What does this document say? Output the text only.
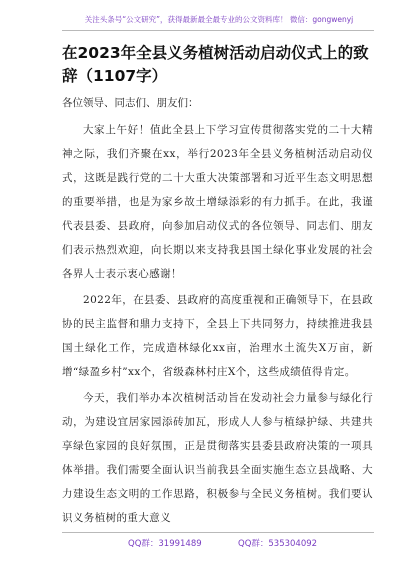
关注头条号“公文研究”，获得最新最全最专业的公文资料库！ 微信：gongwenyj
在2023年全县义务植树活动启动仪式上的致辞（1107字）

各位领导、同志们、朋友们：

大家上午好！值此全县上下学习宣传贯彻落实党的二十大精神之际，我们齐聚在xx，举行2023年全县义务植树活动启动仪式，这既是践行党的二十大重大决策部署和习近平生态文明思想的重要举措，也是为家乡故土增绿添彩的有力抓手。在此，我谨代表县委、县政府，向参加启动仪式的各位领导、同志们、朋友们表示热烈欢迎，向长期以来支持我县国土绿化事业发展的社会各界人士表示衷心感谢！

2022年，在县委、县政府的高度重视和正确领导下，在县政协的民主监督和鼎力支持下，全县上下共同努力，持续推进我县国土绿化工作，完成造林绿化xx亩，治理水土流失X万亩，新增“绿盈乡村”xx个，省级森林村庄X个，这些成绩值得肯定。

今天，我们举办本次植树活动旨在发动社会力量参与绿化行动，为建设宜居家园添砖加瓦，形成人人参与植绿护绿、共建共享绿色家园的良好氛围，正是贯彻落实县委县政府决策的一项具体举措。我们需要全面认识当前我县全面实施生态立县战略、大力建设生态文明的工作思路，积极参与全民义务植树。我们要认识义务植树的重大意义

QQ群：31991489	QQ群：535304092
